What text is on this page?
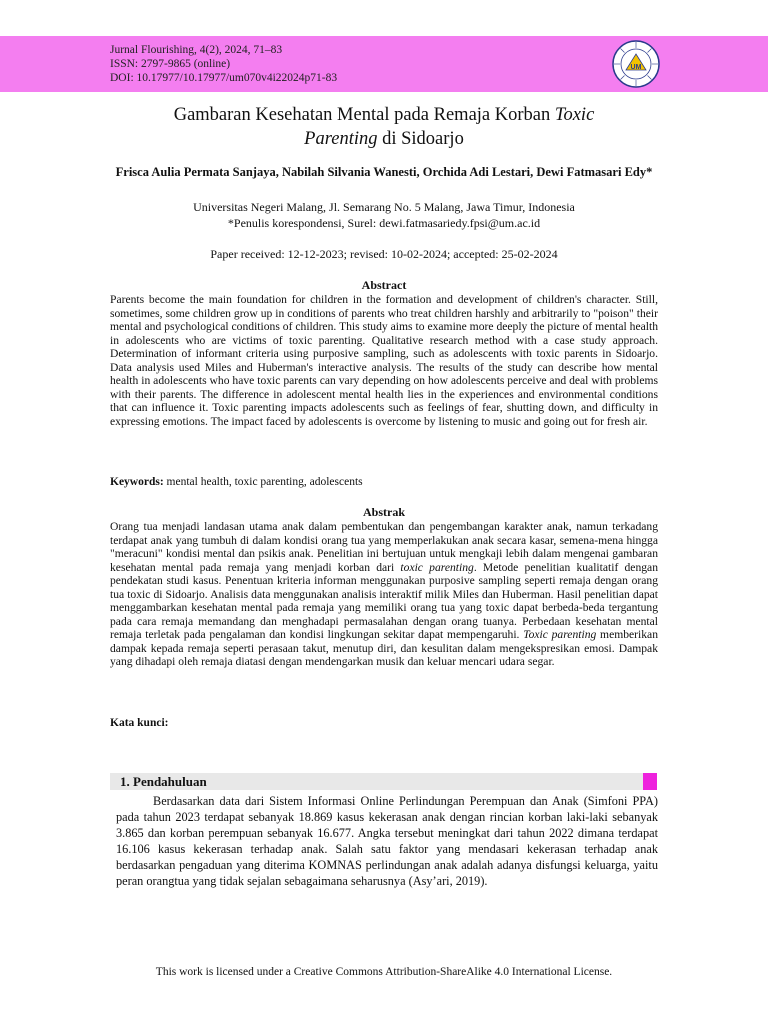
Jurnal Flourishing, 4(2), 2024, 71–83
ISSN: 2797-9865 (online)
DOI: 10.17977/10.17977/um070v4i22024p71-83
UM
Gambaran Kesehatan Mental pada Remaja Korban Toxic
Parenting di Sidoarjo
Frisca Aulia Permata Sanjaya, Nabilah Silvania Wanesti, Orchida Adi Lestari, Dewi Fatmasari Edy*
Universitas Negeri Malang, Jl. Semarang No. 5 Malang, Jawa Timur, Indonesia
*Penulis korespondensi, Surel: dewi.fatmasariedy.fpsi@um.ac.id
Paper received: 12-12-2023; revised: 10-02-2024; accepted: 25-02-2024
Abstract
Parents become the main foundation for children in the formation and development of children's character. Still, sometimes, some children grow up in conditions of parents who treat children harshly and arbitrarily to "poison" their mental and psychological conditions of children. This study aims to examine more deeply the picture of mental health in adolescents who are victims of toxic parenting. Qualitative research method with a case study approach. Determination of informant criteria using purposive sampling, such as adolescents with toxic parents in Sidoarjo. Data analysis used Miles and Huberman's interactive analysis. The results of the study can describe how mental health in adolescents who have toxic parents can vary depending on how adolescents perceive and deal with problems with their parents. The difference in adolescent mental health lies in the experiences and environmental conditions that can influence it. Toxic parenting impacts adolescents such as feelings of fear, shutting down, and difficulty in expressing emotions. The impact faced by adolescents is overcome by listening to music and going out for fresh air.
Keywords: mental health, toxic parenting, adolescents
Abstrak
Orang tua menjadi landasan utama anak dalam pembentukan dan pengembangan karakter anak, namun terkadang terdapat anak yang tumbuh di dalam kondisi orang tua yang memperlakukan anak secara kasar, semena-mena hingga "meracuni" kondisi mental dan psikis anak. Penelitian ini bertujuan untuk mengkaji lebih dalam mengenai gambaran kesehatan mental pada remaja yang menjadi korban dari toxic parenting. Metode penelitian kualitatif dengan pendekatan studi kasus. Penentuan kriteria informan menggunakan purposive sampling seperti remaja dengan orang tua toxic di Sidoarjo. Analisis data menggunakan analisis interaktif milik Miles dan Huberman. Hasil penelitian dapat menggambarkan kesehatan mental pada remaja yang memiliki orang tua yang toxic dapat berbeda-beda tergantung pada cara remaja memandang dan menghadapi permasalahan dengan orang tuanya. Perbedaan kesehatan mental remaja terletak pada pengalaman dan kondisi lingkungan sekitar dapat mempengaruhi. Toxic parenting memberikan dampak kepada remaja seperti perasaan takut, menutup diri, dan kesulitan dalam mengekspresikan emosi. Dampak yang dihadapi oleh remaja diatasi dengan mendengarkan musik dan keluar mencari udara segar.
Kata kunci:
1. Pendahuluan
Berdasarkan data dari Sistem Informasi Online Perlindungan Perempuan dan Anak (Simfoni PPA) pada tahun 2023 terdapat sebanyak 18.869 kasus kekerasan anak dengan rincian korban laki-laki sebanyak 3.865 dan korban perempuan sebanyak 16.677. Angka tersebut meningkat dari tahun 2022 dimana terdapat 16.106 kasus kekerasan terhadap anak. Salah satu faktor yang mendasari kekerasan terhadap anak berdasarkan pengaduan yang diterima KOMNAS perlindungan anak adalah adanya disfungsi keluarga, yaitu peran orangtua yang tidak sejalan sebagaimana seharusnya (Asy’ari, 2019).
This work is licensed under a Creative Commons Attribution-ShareAlike 4.0 International License.
